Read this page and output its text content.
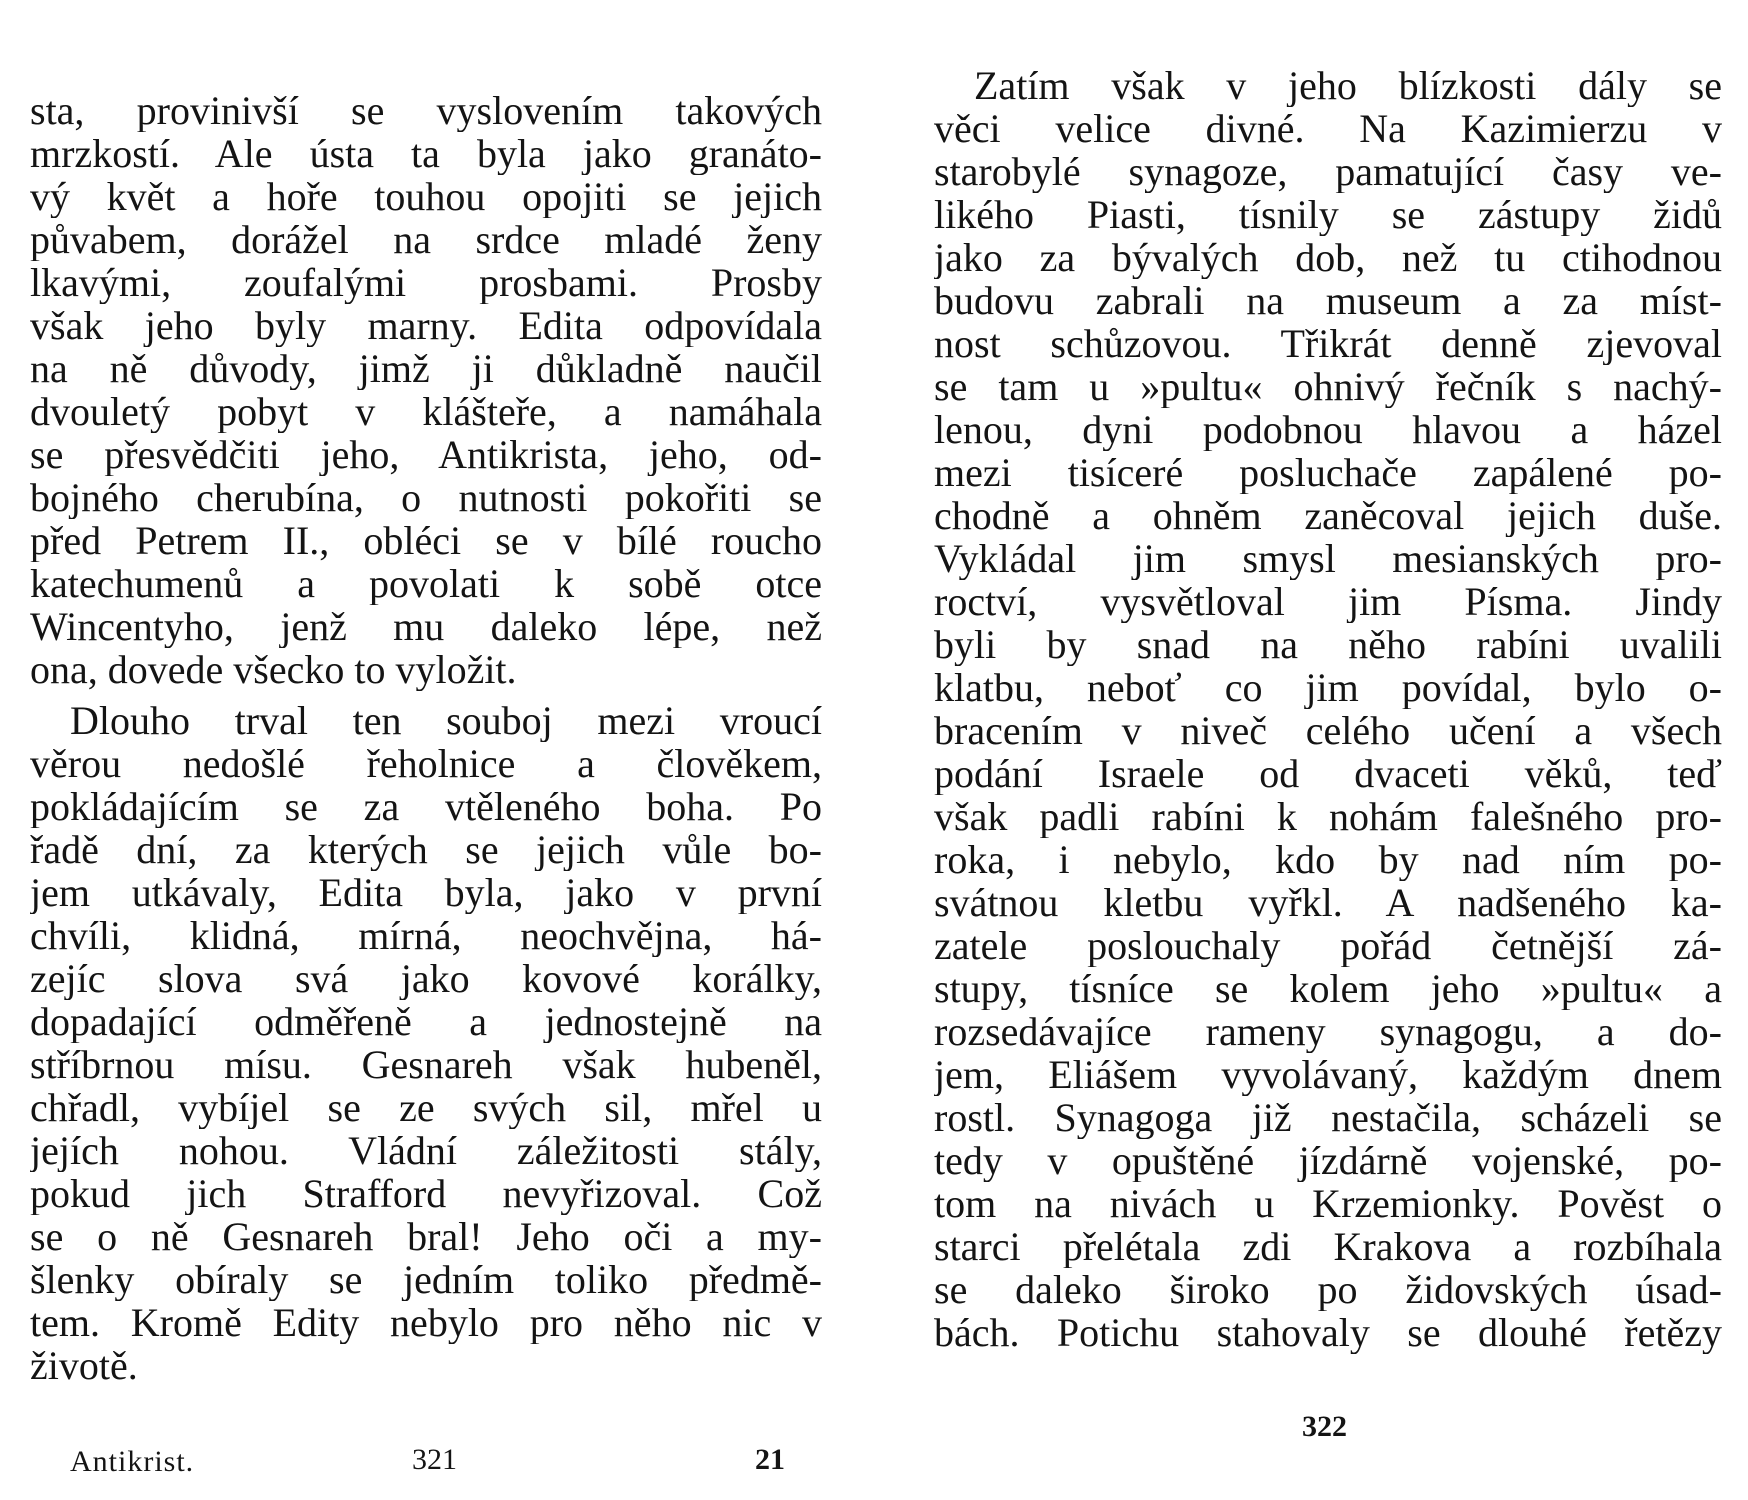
sta, provinivší se vyslovením takových
mrzkostí. Ale ústa ta byla jako granáto-
vý květ a hoře touhou opojiti se jejich
půvabem, dorážel na srdce mladé ženy
lkavými, zoufalými prosbami. Prosby
však jeho byly marny. Edita odpovídala
na ně důvody, jimž ji důkladně naučil
dvouletý pobyt v klášteře, a namáhala
se přesvědčiti jeho, Antikrista, jeho, od-
bojného cherubína, o nutnosti pokořiti se
před Petrem II., obléci se v bílé roucho
katechumenů a povolati k sobě otce
Wincentyho, jenž mu daleko lépe, než
ona, dovede všecko to vyložit.
Dlouho trval ten souboj mezi vroucí
věrou nedošlé řeholnice a člověkem,
pokládajícím se za vtěleného boha. Po
řadě dní, za kterých se jejich vůle bo-
jem utkávaly, Edita byla, jako v první
chvíli, klidná, mírná, neochvějna, há-
zejíc slova svá jako kovové korálky,
dopadající odměřeně a jednostejně na
stříbrnou mísu. Gesnareh však hubeněl,
chřadl, vybíjel se ze svých sil, mřel u
jejích nohou. Vládní záležitosti stály,
pokud jich Strafford nevyřizoval. Což
se o ně Gesnareh bral! Jeho oči a my-
šlenky obíraly se jedním toliko předmě-
tem. Kromě Edity nebylo pro něho nic v
životě.
Antikrist.	321	21
Zatím však v jeho blízkosti dály se
věci velice divné. Na Kazimierzu v
starobylé synagoze, pamatující časy ve-
likého Piasti, tísnily se zástupy židů
jako za bývalých dob, než tu ctihodnou
budovu zabrali na museum a za míst-
nost schůzovou. Třikrát denně zjevoval
se tam u »pultu« ohnivý řečník s nachý-
lenou, dyni podobnou hlavou a házel
mezi tisíceré posluchače zapálené po-
chodně a ohněm zaněcoval jejich duše.
Vykládal jim smysl mesianských pro-
roctví, vysvětloval jim Písma. Jindy
byli by snad na něho rabíni uvalili
klatbu, neboť co jim povídal, bylo o-
bracením v niveč celého učení a všech
podání Israele od dvaceti věků, teď
však padli rabíni k nohám falešného pro-
roka, i nebylo, kdo by nad ním po-
svátnou kletbu vyřkl. A nadšeného ka-
zatele poslouchaly pořád četnější zá-
stupy, tísníce se kolem jeho »pultu« a
rozsedávajíce rameny synagogu, a do-
jem, Eliášem vyvolávaný, každým dnem
rostl. Synagoga již nestačila, scházeli se
tedy v opuštěné jízdárně vojenské, po-
tom na nivách u Krzemionky. Pověst o
starci přelétala zdi Krakova a rozbíhala
se daleko široko po židovských úsad-
bách. Potichu stahovaly se dlouhé řetězy
322
